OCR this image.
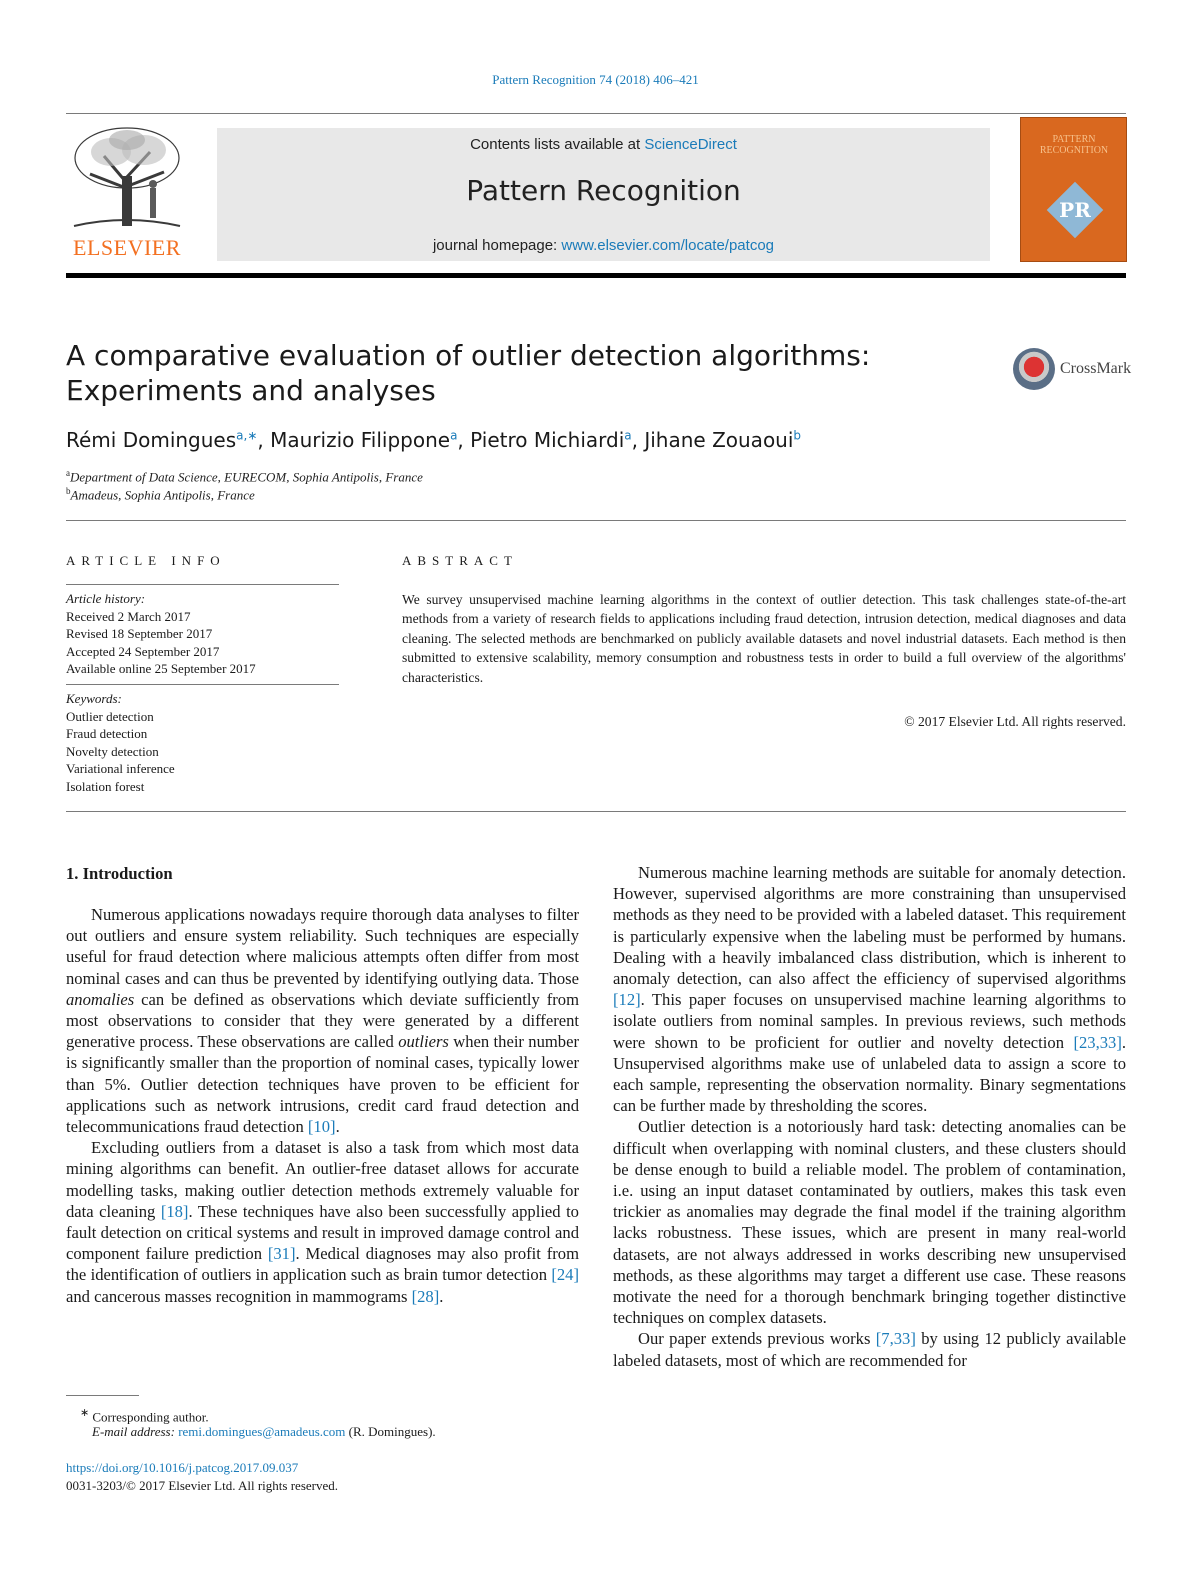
Pattern Recognition 74 (2018) 406–421
ELSEVIER
Contents lists available at ScienceDirect
Pattern Recognition
journal homepage: www.elsevier.com/locate/patcog
PATTERN RECOGNITION
PR
A comparative evaluation of outlier detection algorithms: Experiments and analyses
CrossMark
Rémi Domingues$^{a,∗}$, Maurizio Filippone$^a$, Pietro Michiardi$^a$, Jihane Zouaoui$^b$
$^a$Department of Data Science, EURECOM, Sophia Antipolis, France
$^b$Amadeus, Sophia Antipolis, France
ARTICLE INFO	ABSTRACT
Article history:
Received 2 March 2017
Revised 18 September 2017
Accepted 24 September 2017
Available online 25 September 2017
Keywords:
Outlier detection
Fraud detection
Novelty detection
Variational inference
Isolation forest
We survey unsupervised machine learning algorithms in the context of outlier detection. This task challenges state-of-the-art methods from a variety of research fields to applications including fraud detection, intrusion detection, medical diagnoses and data cleaning. The selected methods are benchmarked on publicly available datasets and novel industrial datasets. Each method is then submitted to extensive scalability, memory consumption and robustness tests in order to build a full overview of the algorithms' characteristics.
© 2017 Elsevier Ltd. All rights reserved.
1. Introduction

Numerous applications nowadays require thorough data analyses to filter out outliers and ensure system reliability. Such techniques are especially useful for fraud detection where malicious attempts often differ from most nominal cases and can thus be prevented by identifying outlying data. Those anomalies can be defined as observations which deviate sufficiently from most observations to consider that they were generated by a different generative process. These observations are called outliers when their number is significantly smaller than the proportion of nominal cases, typically lower than 5%. Outlier detection techniques have proven to be efficient for applications such as network intrusions, credit card fraud detection and telecommunications fraud detection [10].

Excluding outliers from a dataset is also a task from which most data mining algorithms can benefit. An outlier-free dataset allows for accurate modelling tasks, making outlier detection methods extremely valuable for data cleaning [18]. These techniques have also been successfully applied to fault detection on critical systems and result in improved damage control and component failure prediction [31]. Medical diagnoses may also profit from the identification of outliers in application such as brain tumor detection [24] and cancerous masses recognition in mammograms [28].

Numerous machine learning methods are suitable for anomaly detection. However, supervised algorithms are more constraining than unsupervised methods as they need to be provided with a labeled dataset. This requirement is particularly expensive when the labeling must be performed by humans. Dealing with a heavily imbalanced class distribution, which is inherent to anomaly detection, can also affect the efficiency of supervised algorithms [12]. This paper focuses on unsupervised machine learning algorithms to isolate outliers from nominal samples. In previous reviews, such methods were shown to be proficient for outlier and novelty detection [23,33]. Unsupervised algorithms make use of unlabeled data to assign a score to each sample, representing the observation normality. Binary segmentations can be further made by thresholding the scores.

Outlier detection is a notoriously hard task: detecting anomalies can be difficult when overlapping with nominal clusters, and these clusters should be dense enough to build a reliable model. The problem of contamination, i.e. using an input dataset contaminated by outliers, makes this task even trickier as anomalies may degrade the final model if the training algorithm lacks robustness. These issues, which are present in many real-world datasets, are not always addressed in works describing new unsupervised methods, as these algorithms may target a different use case. These reasons motivate the need for a thorough benchmark bringing together distinctive techniques on complex datasets.

Our paper extends previous works [7,33] by using 12 publicly available labeled datasets, most of which are recommended for

∗ Corresponding author.
E-mail address: remi.domingues@amadeus.com (R. Domingues).
https://doi.org/10.1016/j.patcog.2017.09.037
0031-3203/© 2017 Elsevier Ltd. All rights reserved.
